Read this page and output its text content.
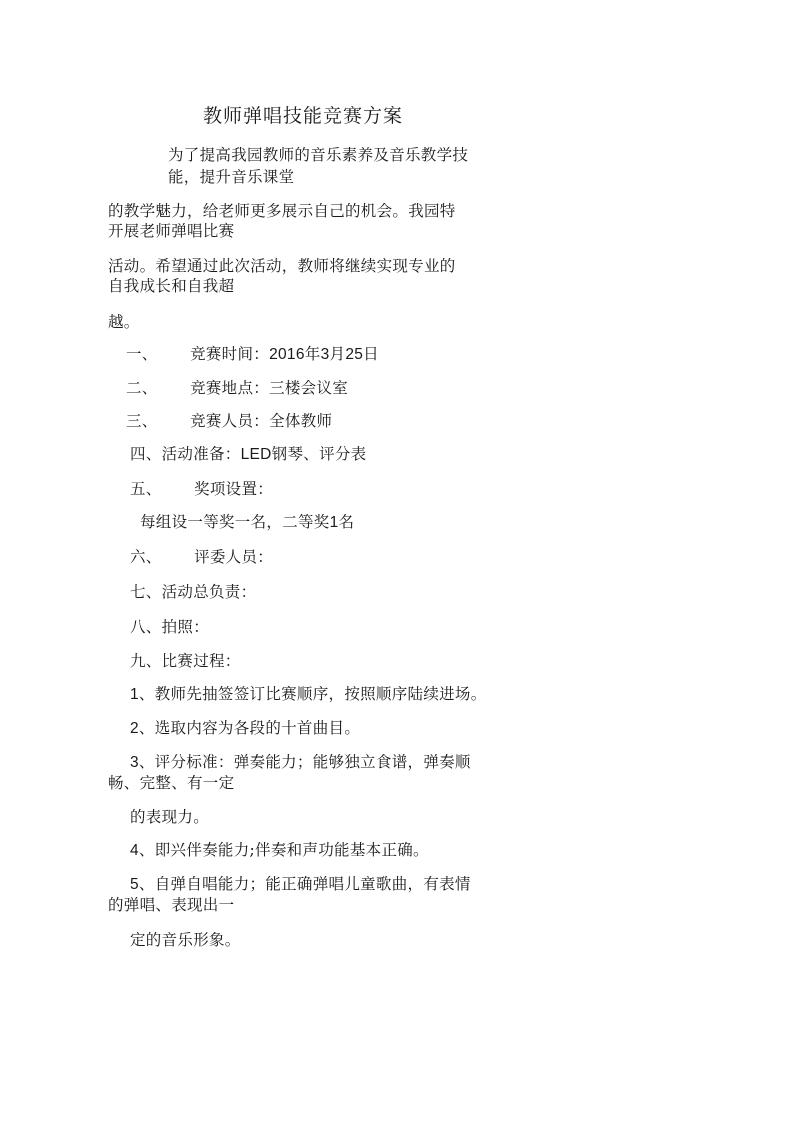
教师弹唱技能竞赛方案
为了提高我园教师的音乐素养及音乐教学技
能，提升音乐课堂
的教学魅力，给老师更多展示自己的机会。我园特
开展老师弹唱比赛
活动。希望通过此次活动，教师将继续实现专业的
自我成长和自我超
越。
一、 竞赛时间：2016年3月25日
二、 竞赛地点：三楼会议室
三、 竞赛人员：全体教师
四、活动准备：LED钢琴、评分表
五、 奖项设置：
每组设一等奖一名，二等奖1名
六、 评委人员：
七、活动总负责：
八、拍照：
九、比赛过程：
1、教师先抽签签订比赛顺序，按照顺序陆续进场。
2、选取内容为各段的十首曲目。
3、评分标准：弹奏能力；能够独立食谱，弹奏顺
畅、完整、有一定
的表现力。
4、即兴伴奏能力;伴奏和声功能基本正确。
5、自弹自唱能力；能正确弹唱儿童歌曲，有表情
的弹唱、表现出一
定的音乐形象。
